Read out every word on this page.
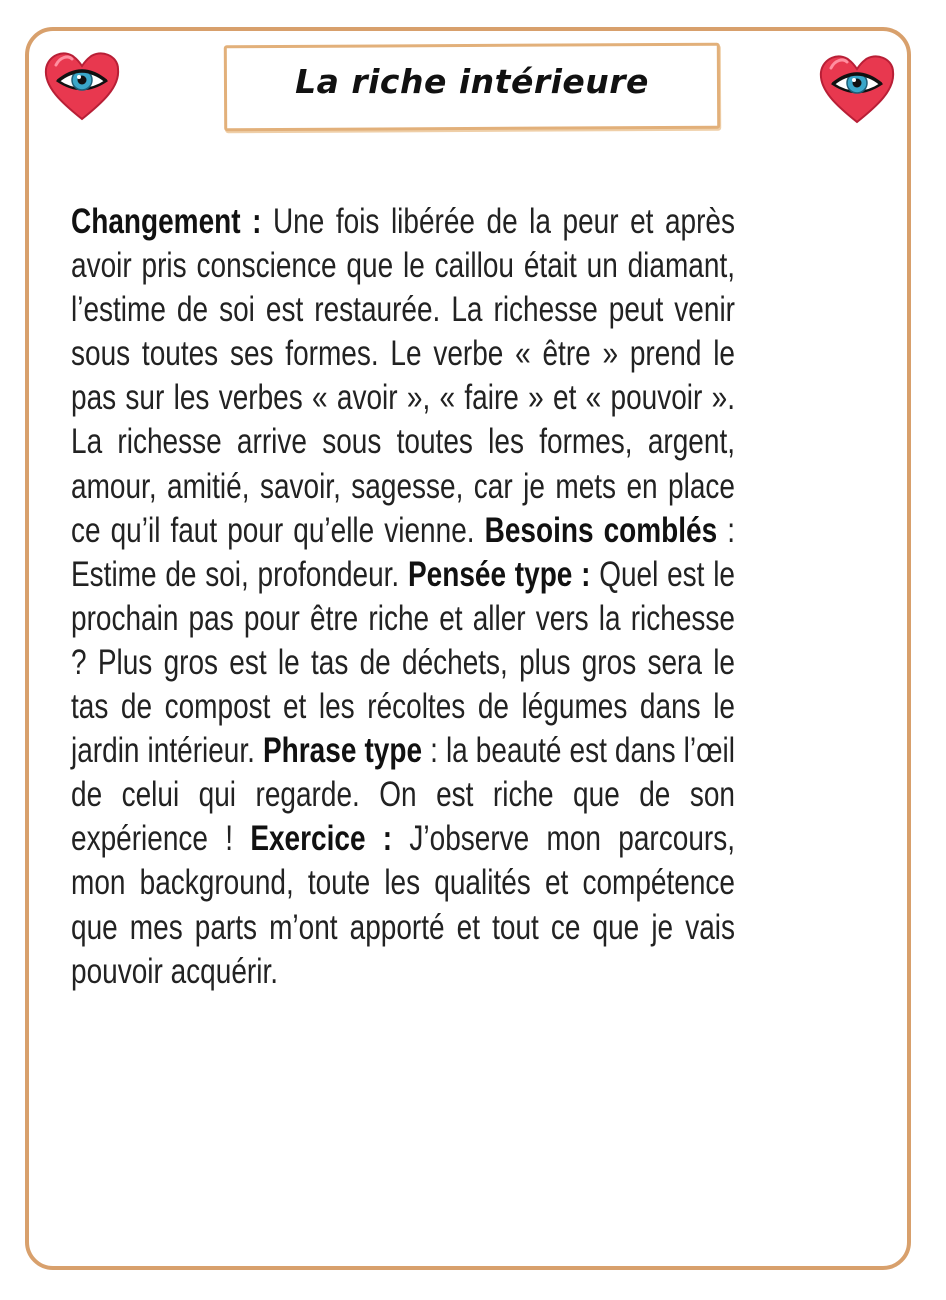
La riche intérieure

Changement : Une fois libérée de la peur et après avoir pris conscience que le caillou était un diamant, l’estime de soi est restaurée. La richesse peut venir sous toutes ses formes. Le verbe « être » prend le pas sur les verbes « avoir », « faire » et « pouvoir ». La richesse arrive sous toutes les formes, argent, amour, amitié, savoir, sagesse, car je mets en place ce qu’il faut pour qu’elle vienne. Besoins comblés : Estime de soi, profondeur. Pensée type : Quel est le prochain pas pour être riche et aller vers la richesse ? Plus gros est le tas de déchets, plus gros sera le tas de compost et les récoltes de légumes dans le jardin intérieur. Phrase type : la beauté est dans l’œil de celui qui regarde. On est riche que de son expérience ! Exercice : J’observe mon parcours, mon background, toute les qualités et compétence que mes parts m’ont apporté et tout ce que je vais pouvoir acquérir.
